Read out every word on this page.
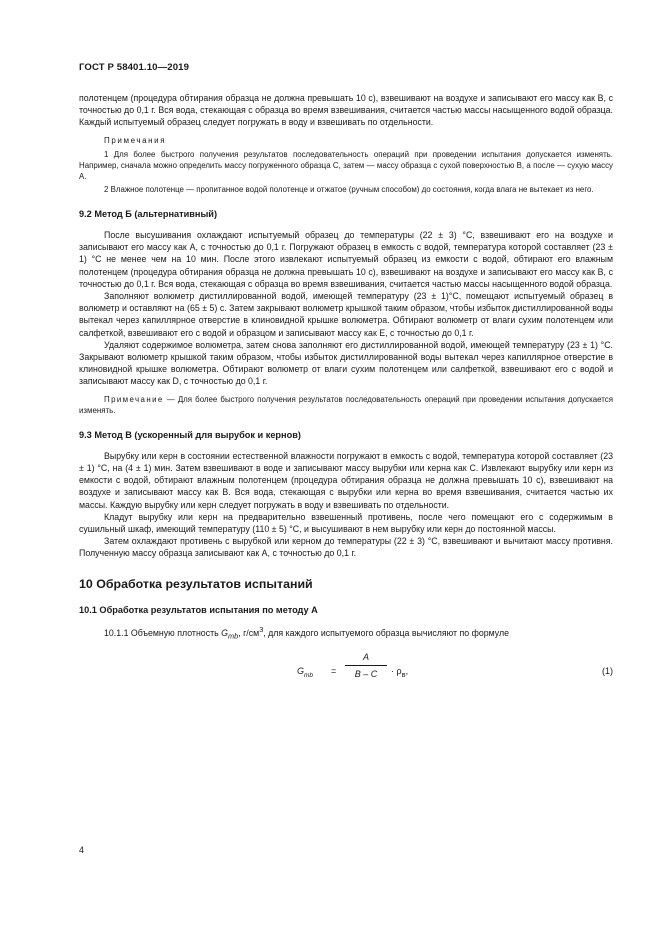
ГОСТ Р 58401.10—2019

полотенцем (процедура обтирания образца не должна превышать 10 с), взвешивают на воздухе и записывают его массу как B, с точностью до 0,1 г. Вся вода, стекающая с образца во время взвешивания, считается частью массы насыщенного водой образца. Каждый испытуемый образец следует погружать в воду и взвешивать по отдельности.

Примечания

1 Для более быстрого получения результатов последовательность операций при проведении испытания допускается изменять. Например, сначала можно определить массу погруженного образца C, затем — массу образца с сухой поверхностью B, а после — сухую массу A.

2 Влажное полотенце — пропитанное водой полотенце и отжатое (ручным способом) до состояния, когда влага не вытекает из него.

9.2 Метод Б (альтернативный)

После высушивания охлаждают испытуемый образец до температуры (22 ± 3) °С, взвешивают его на воздухе и записывают его массу как A, с точностью до 0,1 г. Погружают образец в емкость с водой, температура которой составляет (23 ± 1) °С не менее чем на 10 мин. После этого извлекают испытуемый образец из емкости с водой, обтирают его влажным полотенцем (процедура обтирания образца не должна превышать 10 с), взвешивают на воздухе и записывают его массу как B, с точностью до 0,1 г. Вся вода, стекающая с образца во время взвешивания, считается частью массы насыщенного водой образца.

Заполняют волюметр дистиллированной водой, имеющей температуру (23 ± 1)°С, помещают испытуемый образец в волюметр и оставляют на (65 ± 5) с. Затем закрывают волюметр крышкой таким образом, чтобы избыток дистиллированной воды вытекал через капиллярное отверстие в клиновидной крышке волюметра. Обтирают волюметр от влаги сухим полотенцем или салфеткой, взвешивают его с водой и образцом и записывают массу как E, с точностью до 0,1 г.

Удаляют содержимое волюметра, затем снова заполняют его дистиллированной водой, имеющей температуру (23 ± 1) °С. Закрывают волюметр крышкой таким образом, чтобы избыток дистиллированной воды вытекал через капиллярное отверстие в клиновидной крышке волюметра. Обтирают волюметр от влаги сухим полотенцем или салфеткой, взвешивают его с водой и записывают массу как D, с точностью до 0,1 г.

Примечание — Для более быстрого получения результатов последовательность операций при проведении испытания допускается изменять.

9.3 Метод В (ускоренный для вырубок и кернов)

Вырубку или керн в состоянии естественной влажности погружают в емкость с водой, температура которой составляет (23 ± 1) °С, на (4 ± 1) мин. Затем взвешивают в воде и записывают массу вырубки или керна как C. Извлекают вырубку или керн из емкости с водой, обтирают влажным полотенцем (процедура обтирания образца не должна превышать 10 с), взвешивают на воздухе и записывают массу как B. Вся вода, стекающая с вырубки или керна во время взвешивания, считается частью их массы. Каждую вырубку или керн следует погружать в воду и взвешивать по отдельности.

Кладут вырубку или керн на предварительно взвешенный противень, после чего помещают его с содержимым в сушильный шкаф, имеющий температуру (110 ± 5) °С, и высушивают в нем вырубку или керн до постоянной массы.

Затем охлаждают противень с вырубкой или керном до температуры (22 ± 3) °С, взвешивают и вычитают массу противня. Полученную массу образца записывают как A, с точностью до 0,1 г.

10 Обработка результатов испытаний
10.1 Обработка результатов испытания по методу А

10.1.1 Объемную плотность $G_{mb}$, $г/см^3$, для каждого испытуемого образца вычисляют по формуле

$G_{mb}$ =
A
B – C	· $\rho_в$,	(1)
4
